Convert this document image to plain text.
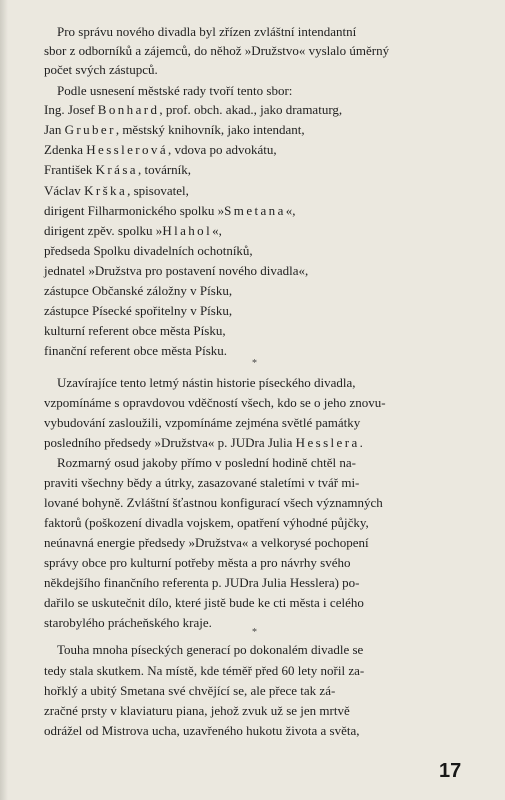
Pro správu nového divadla byl zřízen zvláštní intendantní
sbor z odborníků a zájemců, do něhož »Družstvo« vyslalo úměrný
počet svých zástupců.
Podle usnesení městské rady tvoří tento sbor:
Ing. Josef Bonhard, prof. obch. akad., jako dramaturg,
Jan Gruber, městský knihovník, jako intendant,
Zdenka Hesslerová, vdova po advokátu,
František Krása, továrník,
Václav Krška, spisovatel,
dirigent Filharmonického spolku »Smetana«,
dirigent zpěv. spolku »Hlahol«,
předseda Spolku divadelních ochotníků,
jednatel »Družstva pro postavení nového divadla«,
zástupce Občanské záložny v Písku,
zástupce Písecké spořitelny v Písku,
kulturní referent obce města Písku,
finanční referent obce města Písku.
*
Uzavírajíce tento letmý nástin historie píseckého divadla,
vzpomínáme s opravdovou vděčností všech, kdo se o jeho znovu-
vybudování zasloužili, vzpomínáme zejména světlé památky
posledního předsedy »Družstva« p. JUDra Julia Hesslera.
Rozmarný osud jakoby přímo v poslední hodině chtěl na-
praviti všechny bědy a útrky, zasazované staletími v tvář mi-
lované bohyně. Zvláštní šťastnou konfigurací všech významných
faktorů (poškození divadla vojskem, opatření výhodné půjčky,
neúnavná energie předsedy »Družstva« a velkorysé pochopení
správy obce pro kulturní potřeby města a pro návrhy svého
někdejšího finančního referenta p. JUDra Julia Hesslera) po-
dařilo se uskutečnit dílo, které jistě bude ke cti města i celého
starobylého prácheňského kraje.
*
Touha mnoha píseckých generací po dokonalém divadle se
tedy stala skutkem. Na místě, kde téměř před 60 lety nořil za-
hořklý a ubitý Smetana své chvějící se, ale přece tak zá-
zračné prsty v klaviaturu piana, jehož zvuk už se jen mrtvě
odrážel od Mistrova ucha, uzavřeného hukotu života a světa,
17
